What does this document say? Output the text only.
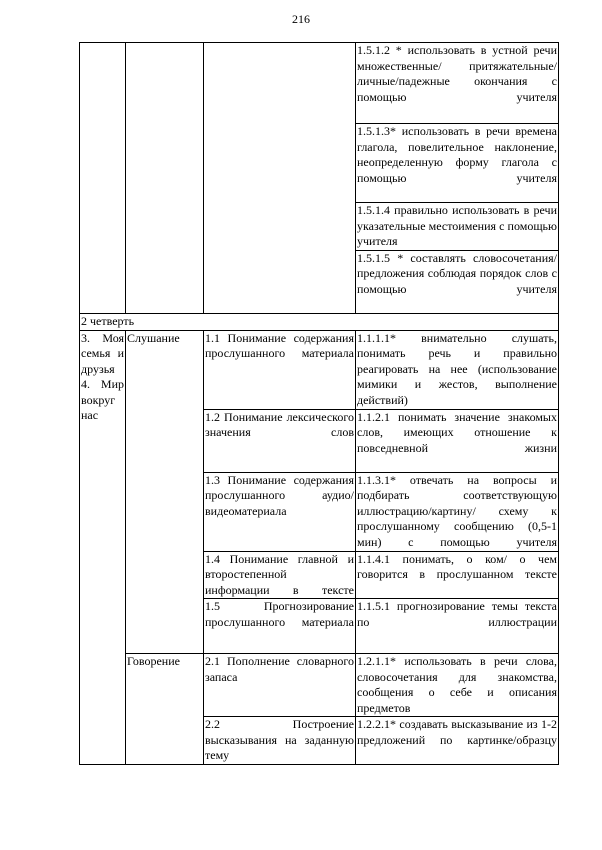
216

			1.5.1.2 * использовать в устной речи множественные/ притяжательные/личные/падежные окончания с помощью учителя

			1.5.1.3* использовать в речи времена глагола, повелительное наклонение, неопределенную форму глагола с помощью учителя

			1.5.1.4 правильно использовать в речи указательные местоимения с помощью учителя

			1.5.1.5 * составлять словосочетания/ предложения соблюдая порядок слов с помощью учителя

2 четверть			

3. Моя семья и друзья 4. Мир вокруг нас	Слушание	1.1 Понимание содержания прослушанного материала	1.1.1.1* внимательно слушать, понимать речь и правильно реагировать на нее (использование мимики и жестов, выполнение действий)

		1.2 Понимание лексического значения слов	1.1.2.1 понимать значение знакомых слов, имеющих отношение к повседневной жизни

		1.3 Понимание содержания прослушанного аудио/видеоматериала	1.1.3.1* отвечать на вопросы и подбирать соответствующую иллюстрацию/картину/ схему к прослушанному сообщению (0,5-1 мин) с помощью учителя

		1.4 Понимание главной и второстепенной информации в тексте	1.1.4.1 понимать, о ком/ о чем говорится в прослушанном тексте

		1.5 Прогнозирование прослушанного материала	1.1.5.1 прогнозирование темы текста по иллюстрации

	Говорение	2.1 Пополнение словарного запаса	1.2.1.1* использовать в речи слова, словосочетания для знакомства, сообщения о себе и описания предметов

		2.2 Построение высказывания на заданную тему	1.2.2.1* создавать высказывание из 1-2 предложений по картинке/образцу
